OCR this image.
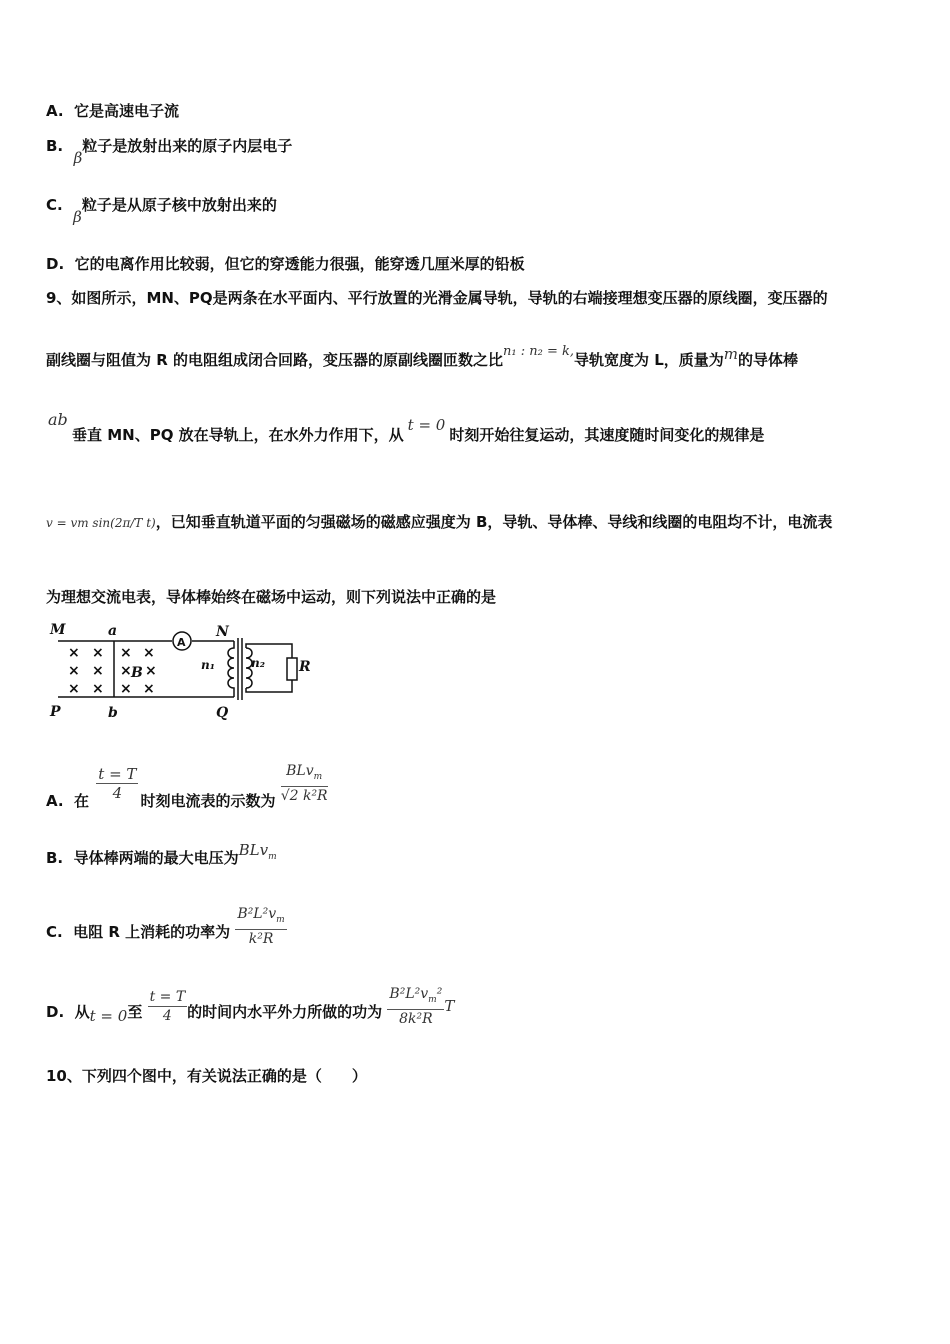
A. 它是高速电子流
B.  β粒子是放射出来的原子内层电子
C.  β粒子是从原子核中放射出来的
D. 它的电离作用比较弱，但它的穿透能力很强，能穿透几厘米厚的铅板
9、如图所示，MN、PQ是两条在水平面内、平行放置的光滑金属导轨，导轨的右端接理想变压器的原线圈，变压器的
副线圈与阻值为 R 的电阻组成闭合回路，变压器的原副线圈匝数之比n₁ : n₂ = k,导轨宽度为 L，质量为m的导体棒
ab
垂直 MN、PQ 放在导轨上，在水外力作用下，从t = 0时刻开始往复运动，其速度随时间变化的规律是
v = vm sin(2π/T t)，已知垂直轨道平面的匀强磁场的磁感应强度为 B，导轨、导体棒、导线和线圈的电阻均不计，电流表
为理想交流电表，导体棒始终在磁场中运动，则下列说法中正确的是
M	a	N
P	b	Q
B	n₁	n₂ R
A
× × × ×
× × × ×
× × × ×
A. 在 $\frac{t = T}{4}$ 时刻电流表的示数为 $\frac{BLv_m}{\text{√2 k²R}}$
B. 导体棒两端的最大电压为BLv$_m$
C. 电阻 R 上消耗的功率为 $\frac{B^2L^2v_m}{\text{k²R}}$
D. 从t = 0至 $\frac{t = T}{4}$ 的时间内水平外力所做的功为 $\frac{B^2L^2v_m^2}{\text{8k²R}}$ T
10、下列四个图中，有关说法正确的是（　　）
